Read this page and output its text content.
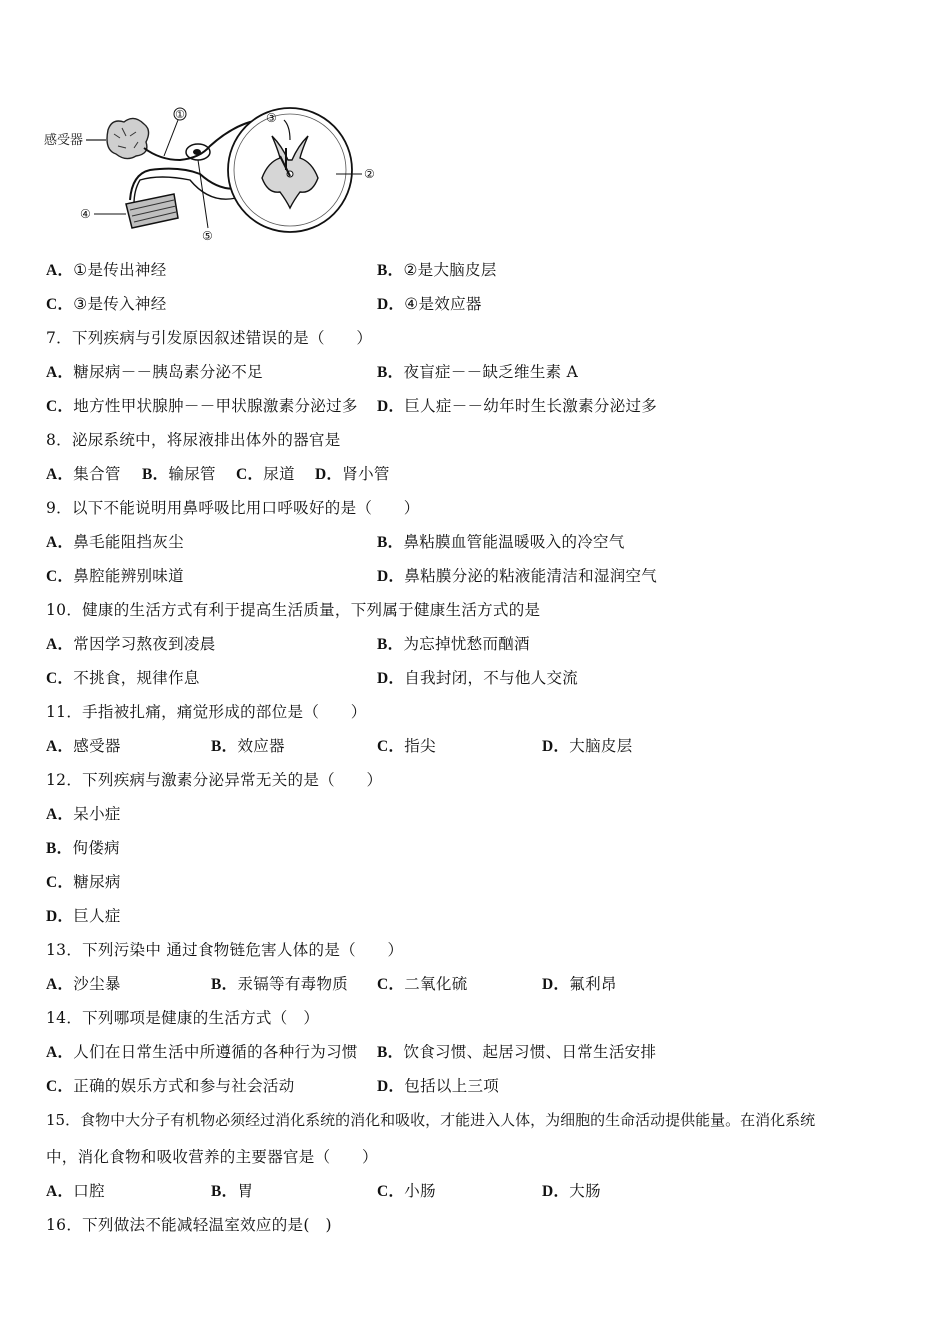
感受器
①
②
③
④
⑤
A．①是传出神经	B．②是大脑皮层
C．③是传入神经	D．④是效应器
7．下列疾病与引发原因叙述错误的是（　　）
A．糖尿病－－胰岛素分泌不足	B．夜盲症－－缺乏维生素 A
C．地方性甲状腺肿－－甲状腺激素分泌过多 D．巨人症－－幼年时生长激素分泌过多
8．泌尿系统中，将尿液排出体外的器官是
A．集合管 B．输尿管 C．尿道 D．肾小管
9．以下不能说明用鼻呼吸比用口呼吸好的是（　　）
A．鼻毛能阻挡灰尘	B．鼻粘膜血管能温暖吸入的冷空气
C．鼻腔能辨别味道	D．鼻粘膜分泌的粘液能清洁和湿润空气
10．健康的生活方式有利于提高生活质量，下列属于健康生活方式的是
A．常因学习熬夜到凌晨	B．为忘掉忧愁而酗酒
C．不挑食，规律作息	D．自我封闭，不与他人交流
11．手指被扎痛，痛觉形成的部位是（　　）
A．感受器	B．效应器	C．指尖	D．大脑皮层
12．下列疾病与激素分泌异常无关的是（　　）
A．呆小症
B．佝偻病
C．糖尿病
D．巨人症
13．下列污染中 通过食物链危害人体的是（　　）
A．沙尘暴	B．汞镉等有毒物质 C．二氧化硫	D．氟利昂
14．下列哪项是健康的生活方式（　）
A．人们在日常生活中所遵循的各种行为习惯 B．饮食习惯、起居习惯、日常生活安排
C．正确的娱乐方式和参与社会活动	D．包括以上三项
15．食物中大分子有机物必须经过消化系统的消化和吸收，才能进入人体，为细胞的生命活动提供能量。在消化系统
中，消化食物和吸收营养的主要器官是（　　）
A．口腔	B．胃	C．小肠	D．大肠
16．下列做法不能减轻温室效应的是(　)
